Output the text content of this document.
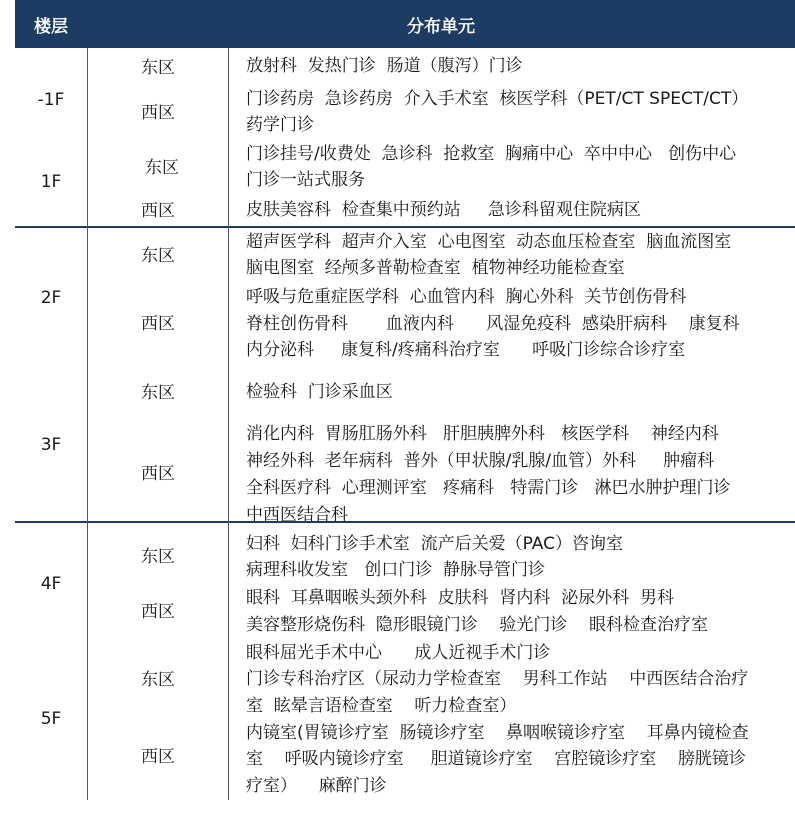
楼层	分布单元
-1F
1F
2F
3F
4F
5F
东区
西区
东区
西区
东区
西区
东区
西区
东区
西区
东区
西区
放射科  发热门诊  肠道（腹泻）门诊
门诊药房  急诊药房  介入手术室  核医学科（PET/CT SPECT/CT）
药学门诊
门诊挂号/收费处  急诊科  抢救室  胸痛中心  卒中中心   创伤中心
门诊一站式服务
皮肤美容科  检查集中预约站     急诊科留观住院病区
超声医学科  超声介入室  心电图室  动态血压检查室  脑血流图室
脑电图室  经颅多普勒检查室  植物神经功能检查室
呼吸与危重症医学科  心血管内科  胸心外科  关节创伤骨科
脊柱创伤骨科       血液内科      风湿免疫科  感染肝病科    康复科
内分泌科     康复科/疼痛科治疗室      呼吸门诊综合诊疗室
检验科  门诊采血区
消化内科  胃肠肛肠外科   肝胆胰脾外科   核医学科    神经内科
神经外科  老年病科  普外（甲状腺/乳腺/血管）外科     肿瘤科
全科医疗科  心理测评室   疼痛科   特需门诊   淋巴水肿护理门诊
中西医结合科
妇科  妇科门诊手术室  流产后关爱（PAC）咨询室
病理科收发室   创口门诊  静脉导管门诊
眼科  耳鼻咽喉头颈外科  皮肤科  肾内科  泌尿外科  男科
美容整形烧伤科  隐形眼镜门诊    验光门诊    眼科检查治疗室
眼科屈光手术中心      成人近视手术门诊
门诊专科治疗区（尿动力学检查室    男科工作站    中西医结合治疗
室  眩晕言语检查室    听力检查室）
内镜室(胃镜诊疗室  肠镜诊疗室    鼻咽喉镜诊疗室    耳鼻内镜检查
室    呼吸内镜诊疗室     胆道镜诊疗室    宫腔镜诊疗室    膀胱镜诊
疗室）    麻醉门诊
